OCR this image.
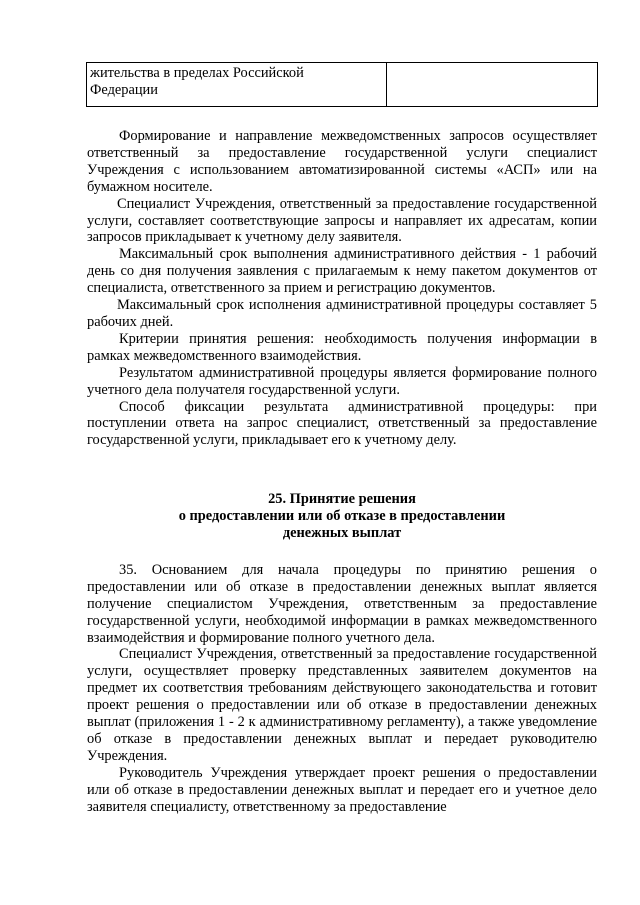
жительства в пределах Российской
Федерации

Формирование и направление межведомственных запросов осуществляет ответственный за предоставление государственной услуги специалист Учреждения с использованием автоматизированной системы «АСП» или на бумажном носителе.

Специалист Учреждения, ответственный за предоставление государственной услуги, составляет соответствующие запросы и направляет их адресатам, копии запросов прикладывает к учетному делу заявителя.

Максимальный срок выполнения административного действия - 1 рабочий день со дня получения заявления с прилагаемым к нему пакетом документов от специалиста, ответственного за прием и регистрацию документов.

Максимальный срок исполнения административной процедуры составляет 5 рабочих дней.

Критерии принятия решения: необходимость получения информации в рамках межведомственного взаимодействия.

Результатом административной процедуры является формирование полного учетного дела получателя государственной услуги.

Способ фиксации результата административной процедуры: при поступлении ответа на запрос специалист, ответственный за предоставление государственной услуги, прикладывает его к учетному делу.

25. Принятие решения
о предоставлении или об отказе в предоставлении
денежных выплат

35. Основанием для начала процедуры по принятию решения о предоставлении или об отказе в предоставлении денежных выплат является получение специалистом Учреждения, ответственным за предоставление государственной услуги, необходимой информации в рамках межведомственного взаимодействия и формирование полного учетного дела.

Специалист Учреждения, ответственный за предоставление государственной услуги, осуществляет проверку представленных заявителем документов на предмет их соответствия требованиям действующего законодательства и готовит проект решения о предоставлении или об отказе в предоставлении денежных выплат (приложения 1 - 2 к административному регламенту), а также уведомление об отказе в предоставлении денежных выплат и передает руководителю Учреждения.

Руководитель Учреждения утверждает проект решения о предоставлении или об отказе в предоставлении денежных выплат и передает его и учетное дело заявителя специалисту, ответственному за предоставление
